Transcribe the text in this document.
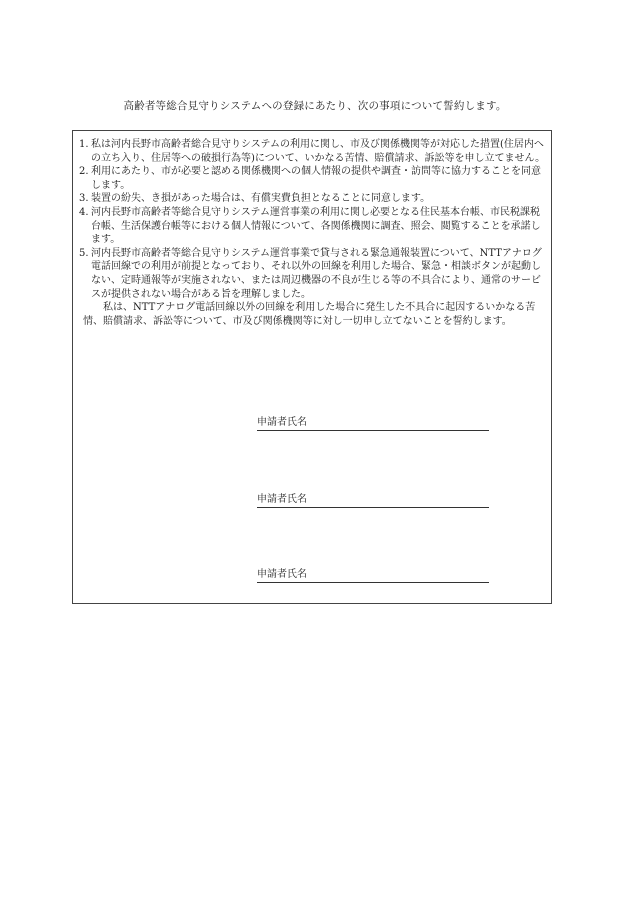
高齢者等総合見守りシステムへの登録にあたり、次の事項について誓約します。

1. 私は河内長野市高齢者総合見守りシステムの利用に関し、市及び関係機関等が対応した措置(住居内への立ち入り、住居等への破損行為等)について、いかなる苦情、賠償請求、訴訟等を申し立てません。

2. 利用にあたり、市が必要と認める関係機関への個人情報の提供や調査・訪問等に協力することを同意します。

3. 装置の紛失、き損があった場合は、有償実費負担となることに同意します。

4. 河内長野市高齢者等総合見守りシステム運営事業の利用に関し必要となる住民基本台帳、市民税課税台帳、生活保護台帳等における個人情報について、各関係機関に調査、照会、閲覧することを承諾します。

5. 河内長野市高齢者等総合見守りシステム運営事業で貸与される緊急通報装置について、NTTアナログ電話回線での利用が前提となっており、それ以外の回線を利用した場合、緊急・相談ボタンが起動しない、定時通報等が実施されない、または周辺機器の不良が生じる等の不具合により、通常のサービスが提供されない場合がある旨を理解しました。

　　私は、NTTアナログ電話回線以外の回線を利用した場合に発生した不具合に起因するいかなる苦情、賠償請求、訴訟等について、市及び関係機関等に対し一切申し立てないことを誓約します。

申請者氏名
申請者氏名
申請者氏名
